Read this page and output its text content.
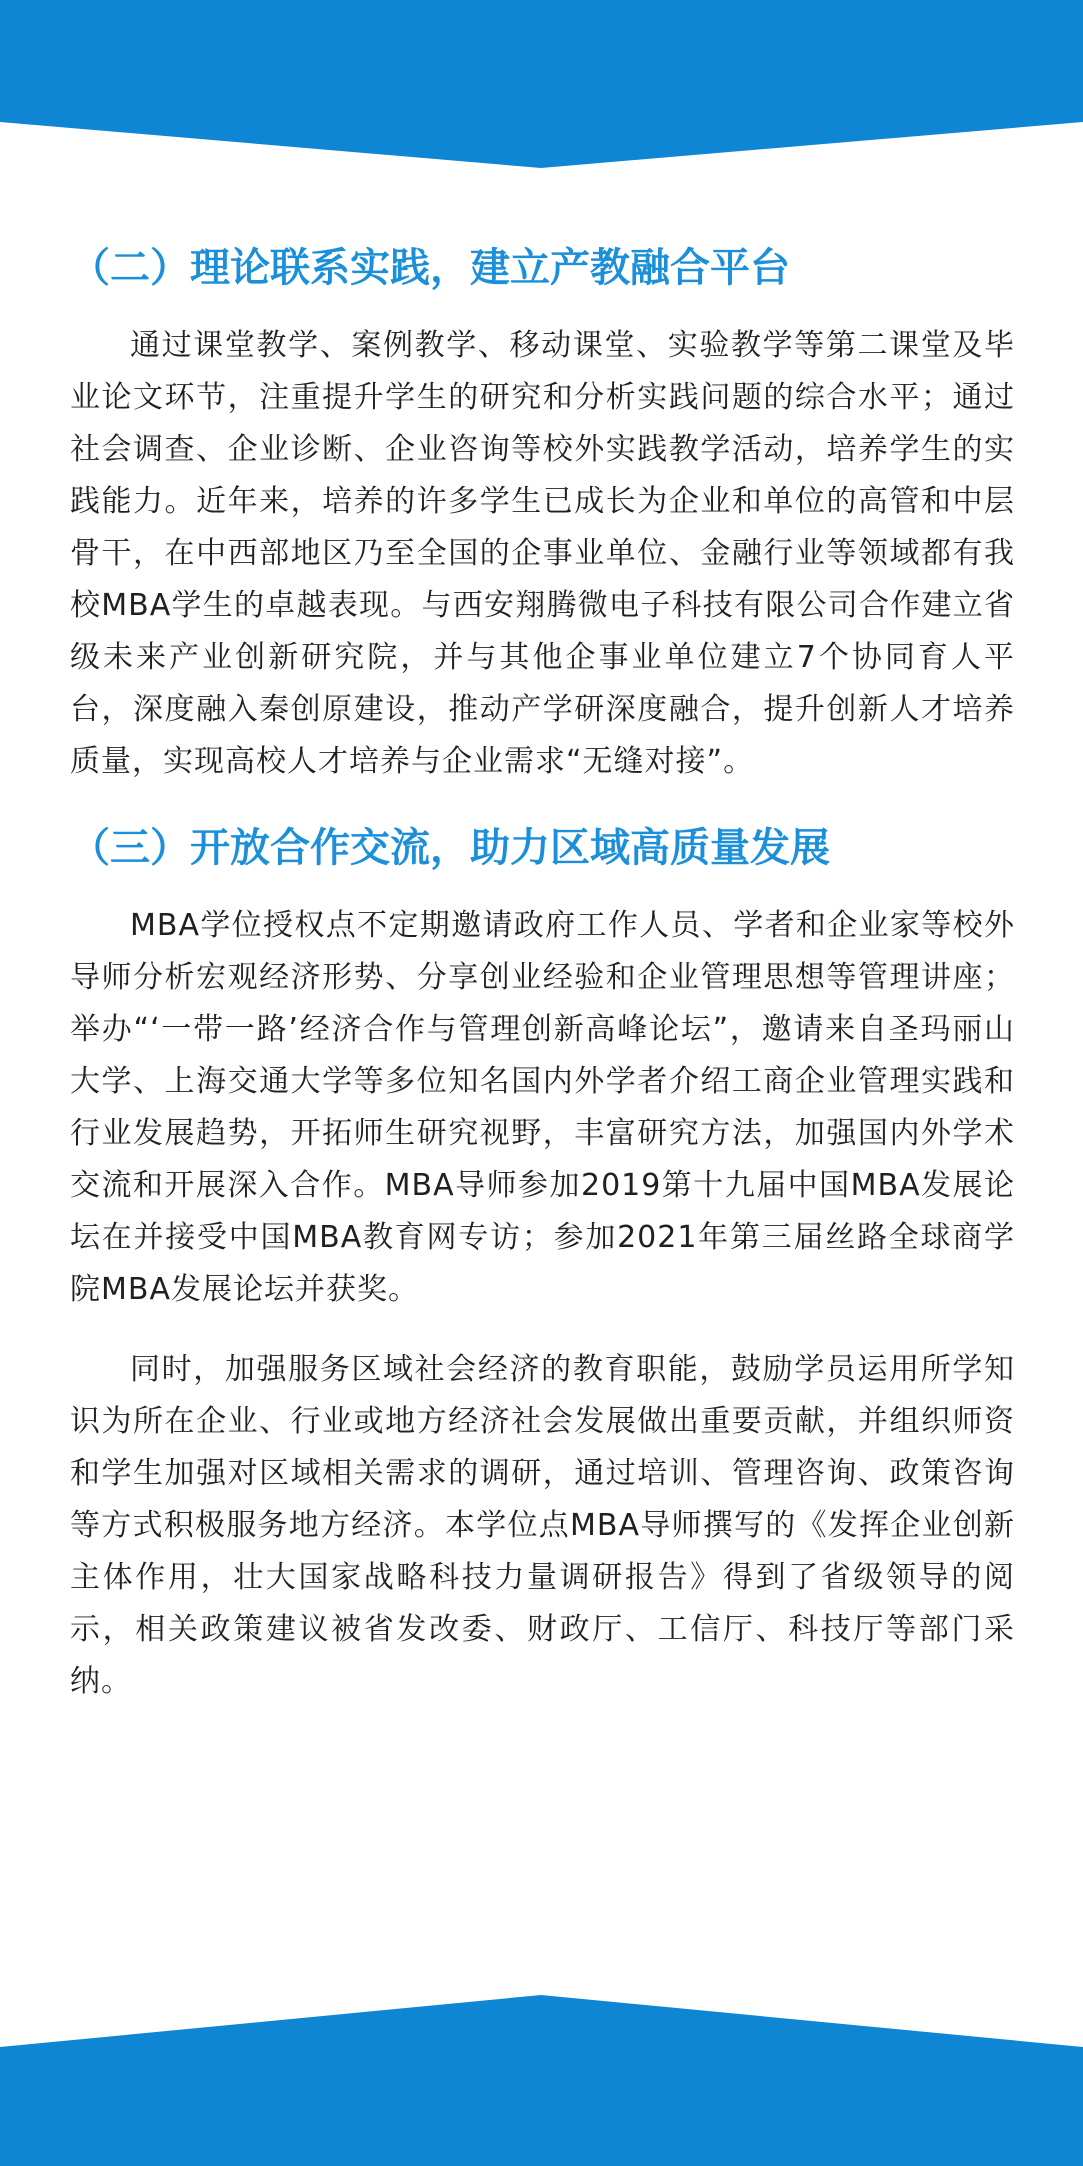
（二）理论联系实践，建立产教融合平台

通过课堂教学、案例教学、移动课堂、实验教学等第二课堂及毕业论文环节，注重提升学生的研究和分析实践问题的综合水平；通过社会调查、企业诊断、企业咨询等校外实践教学活动，培养学生的实践能力。近年来，培养的许多学生已成长为企业和单位的高管和中层骨干，在中西部地区乃至全国的企事业单位、金融行业等领域都有我校MBA学生的卓越表现。与西安翔腾微电子科技有限公司合作建立省级未来产业创新研究院，并与其他企事业单位建立7个协同育人平台，深度融入秦创原建设，推动产学研深度融合，提升创新人才培养质量，实现高校人才培养与企业需求“无缝对接”。

（三）开放合作交流，助力区域高质量发展

MBA学位授权点不定期邀请政府工作人员、学者和企业家等校外导师分析宏观经济形势、分享创业经验和企业管理思想等管理讲座；举办“‘一带一路’经济合作与管理创新高峰论坛”，邀请来自圣玛丽山大学、上海交通大学等多位知名国内外学者介绍工商企业管理实践和行业发展趋势，开拓师生研究视野，丰富研究方法，加强国内外学术交流和开展深入合作。MBA导师参加2019第十九届中国MBA发展论坛在并接受中国MBA教育网专访；参加2021年第三届丝路全球商学院MBA发展论坛并获奖。

同时，加强服务区域社会经济的教育职能，鼓励学员运用所学知识为所在企业、行业或地方经济社会发展做出重要贡献，并组织师资和学生加强对区域相关需求的调研，通过培训、管理咨询、政策咨询等方式积极服务地方经济。本学位点MBA导师撰写的《发挥企业创新主体作用，壮大国家战略科技力量调研报告》得到了省级领导的阅示，相关政策建议被省发改委、财政厅、工信厅、科技厅等部门采纳。
